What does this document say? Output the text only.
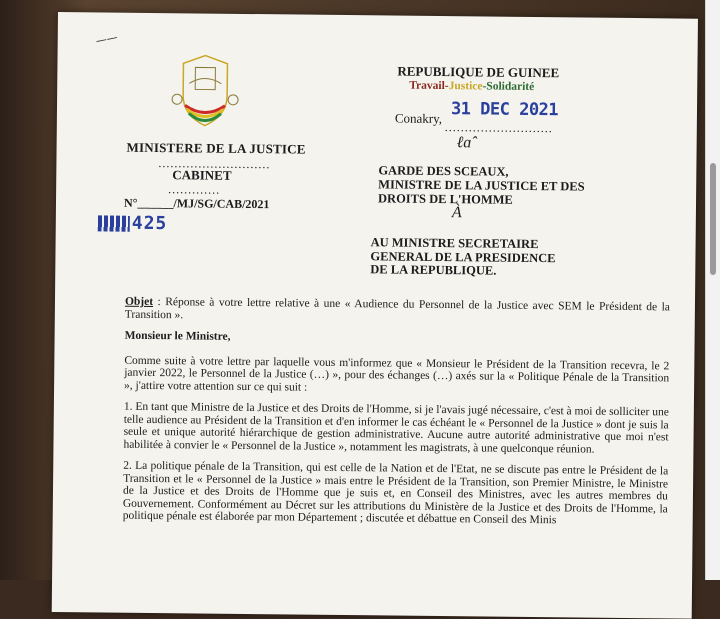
——
MINISTERE DE LA JUSTICE
............................
CABINET
.............
N°______/MJ/SG/CAB/2021
425
REPUBLIQUE DE GUINEE
Travail-Justice-Solidarité
31 DEC 2021
Conakry,
...........................
ℓɑ̂
GARDE DES SCEAUX,
MINISTRE DE LA JUSTICE ET DES
DROITS DE L'HOMME
À
AU MINISTRE SECRETAIRE
GENERAL DE LA PRESIDENCE
DE LA REPUBLIQUE.

Objet : Réponse à votre lettre relative à une « Audience du Personnel de la Justice avec SEM le Président de la Transition ».

Monsieur le Ministre,

Comme suite à votre lettre par laquelle vous m'informez que « Monsieur le Président de la Transition recevra, le 2 janvier 2022, le Personnel de la Justice (…) », pour des échanges (…) axés sur la « Politique Pénale de la Transition », j'attire votre attention sur ce qui suit :

1. En tant que Ministre de la Justice et des Droits de l'Homme, si je l'avais jugé nécessaire, c'est à moi de solliciter une telle audience au Président de la Transition et d'en informer le cas échéant le « Personnel de la Justice » dont je suis la seule et unique autorité hiérarchique de gestion administrative. Aucune autre autorité administrative que moi n'est habilitée à convier le « Personnel de la Justice », notamment les magistrats, à une quelconque réunion.

2. La politique pénale de la Transition, qui est celle de la Nation et de l'Etat, ne se discute pas entre le Président de la Transition et le « Personnel de la Justice » mais entre le Président de la Transition, son Premier Ministre, le Ministre de la Justice et des Droits de l'Homme que je suis et, en Conseil des Ministres, avec les autres membres du Gouvernement. Conformément au Décret sur les attributions du Ministère de la Justice et des Droits de l'Homme, la politique pénale est élaborée par mon Département ; discutée et débattue en Conseil des Minis
